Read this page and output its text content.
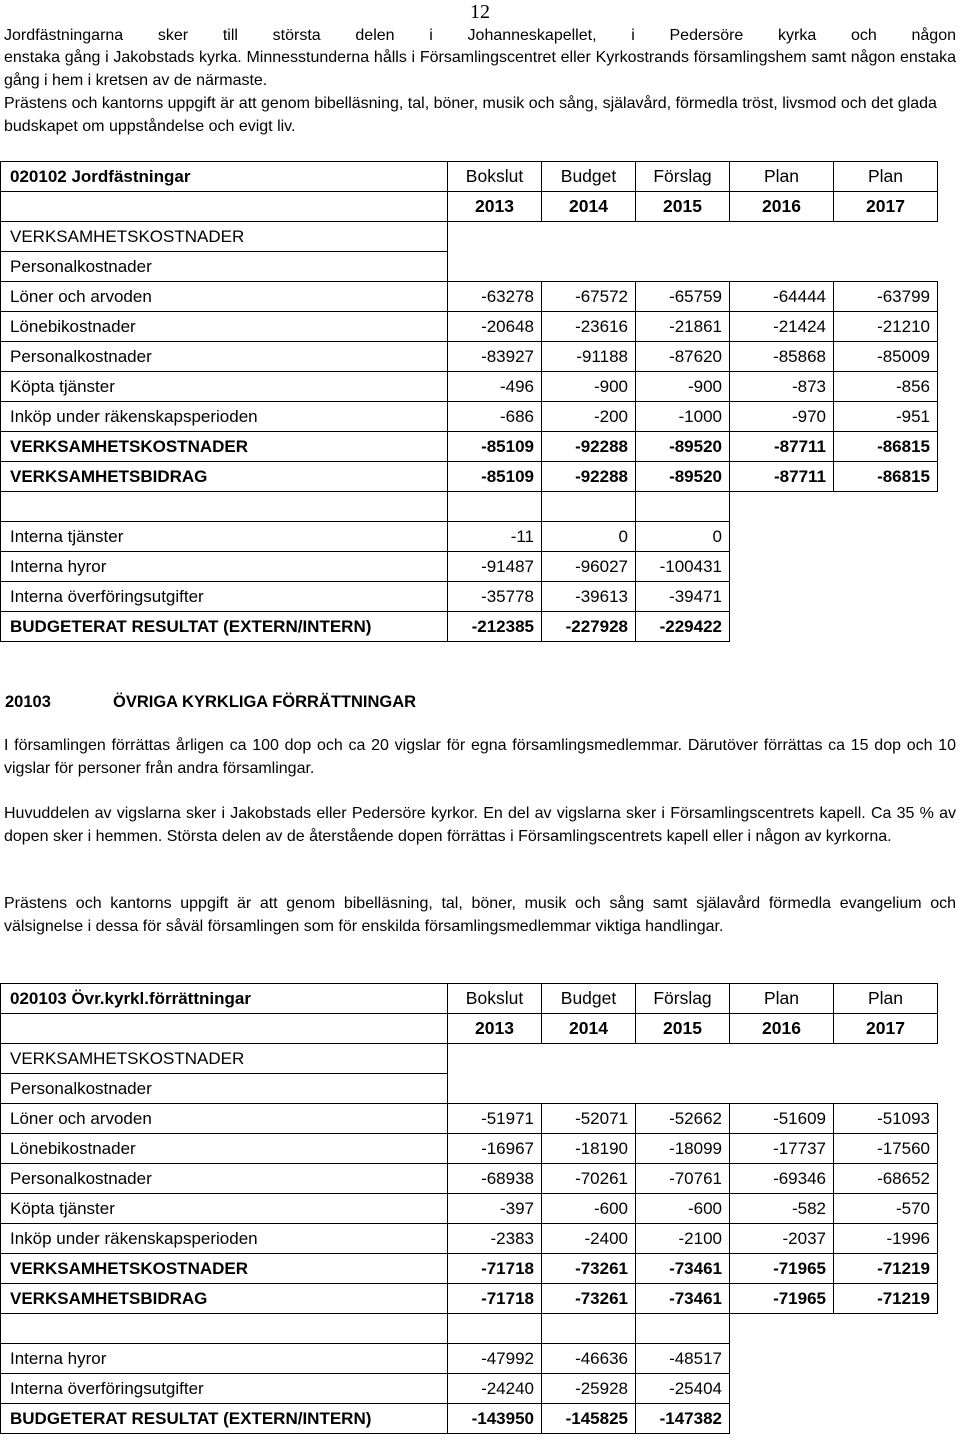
12

Jordfästningarna sker till största delen i Johanneskapellet, i Pedersöre kyrka och någon

enstaka gång i Jakobstads kyrka. Minnesstunderna hålls i Församlingscentret eller Kyrkostrands församlingshem samt någon enstaka gång i hem i kretsen av de närmaste.

Prästens och kantorns uppgift är att genom bibelläsning, tal, böner, musik och sång, själavård, förmedla tröst, livsmod och det glada budskapet om uppståndelse och evigt liv.

020102 Jordfästningar	Bokslut	Budget	Förslag	Plan	Plan
	2013	2014	2015	2016	2017
VERKSAMHETSKOSTNADER					
Personalkostnader					
Löner och arvoden	-63278	-67572	-65759	-64444	-63799
Lönebikostnader	-20648	-23616	-21861	-21424	-21210
Personalkostnader	-83927	-91188	-87620	-85868	-85009
Köpta tjänster	-496	-900	-900	-873	-856
Inköp under räkenskapsperioden	-686	-200	-1000	-970	-951
VERKSAMHETSKOSTNADER	-85109	-92288	-89520	-87711	-86815
VERKSAMHETSBIDRAG	-85109	-92288	-89520	-87711	-86815

Interna tjänster	-11	0	0		
Interna hyror	-91487	-96027	-100431		
Interna överföringsutgifter	-35778	-39613	-39471		
BUDGETERAT RESULTAT (EXTERN/INTERN)	-212385	-227928	-229422		
20103	ÖVRIGA KYRKLIGA FÖRRÄTTNINGAR

I församlingen förrättas årligen ca 100 dop och ca 20 vigslar för egna församlingsmedlemmar. Därutöver förrättas ca 15 dop och 10 vigslar för personer från andra församlingar.

Huvuddelen av vigslarna sker i Jakobstads eller Pedersöre kyrkor. En del av vigslarna sker i Församlingscentrets kapell. Ca 35 % av dopen sker i hemmen. Största delen av de återstående dopen förrättas i Församlingscentrets kapell eller i någon av kyrkorna.

Prästens och kantorns uppgift är att genom bibelläsning, tal, böner, musik och sång samt själavård förmedla evangelium och välsignelse i dessa för såväl församlingen som för enskilda församlingsmedlemmar viktiga handlingar.

020103 Övr.kyrkl.förrättningar	Bokslut	Budget	Förslag	Plan	Plan
	2013	2014	2015	2016	2017
VERKSAMHETSKOSTNADER					
Personalkostnader					
Löner och arvoden	-51971	-52071	-52662	-51609	-51093
Lönebikostnader	-16967	-18190	-18099	-17737	-17560
Personalkostnader	-68938	-70261	-70761	-69346	-68652
Köpta tjänster	-397	-600	-600	-582	-570
Inköp under räkenskapsperioden	-2383	-2400	-2100	-2037	-1996
VERKSAMHETSKOSTNADER	-71718	-73261	-73461	-71965	-71219
VERKSAMHETSBIDRAG	-71718	-73261	-73461	-71965	-71219

Interna hyror	-47992	-46636	-48517		
Interna överföringsutgifter	-24240	-25928	-25404		
BUDGETERAT RESULTAT (EXTERN/INTERN)	-143950	-145825	-147382		
